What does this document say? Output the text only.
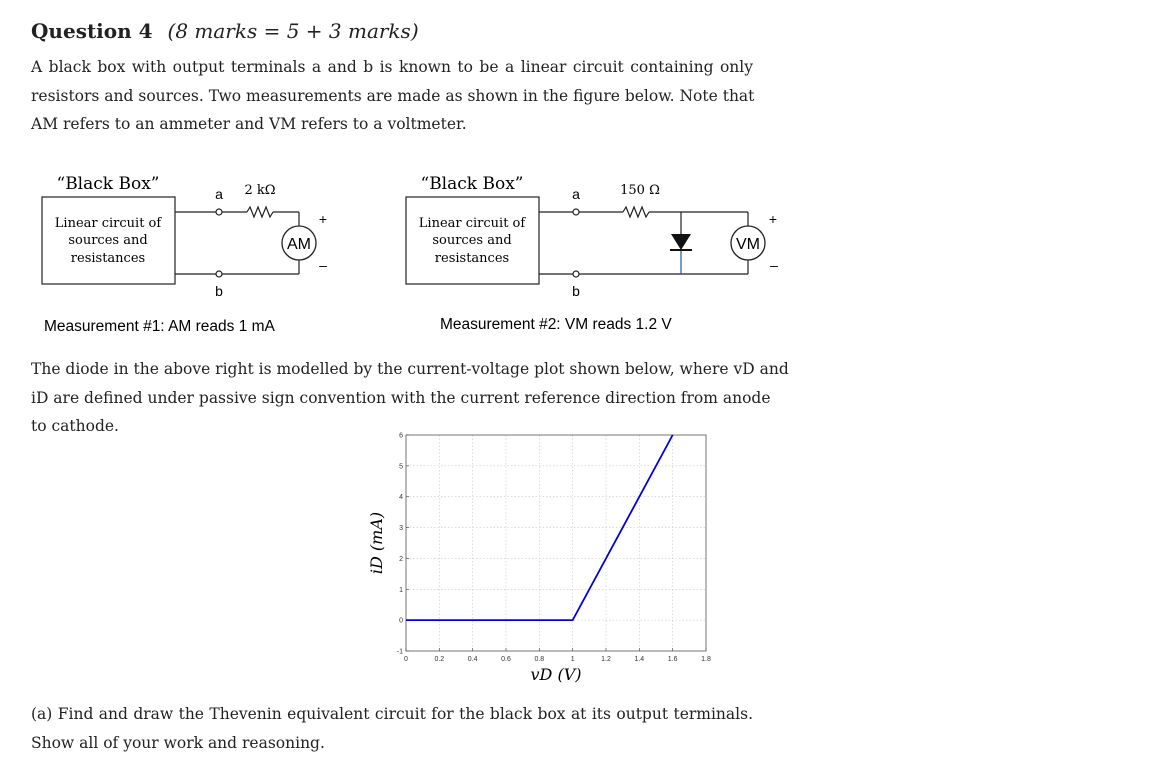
Question 4 (8 marks = 5 + 3 marks)
A black box with output terminals a and b is known to be a linear circuit containing only
resistors and sources. Two measurements are made as shown in the figure below. Note that
AM refers to an ammeter and VM refers to a voltmeter.
“Black Box”
Linear circuit of
sources and
resistances
a
b
2 kΩ
AM
+
–
Measurement #1: AM reads 1 mA
“Black Box”
Linear circuit of
sources and
resistances
a
b
150 Ω
VM
+
–
Measurement #2: VM reads 1.2 V
The diode in the above right is modelled by the current-voltage plot shown below, where vD and
iD are defined under passive sign convention with the current reference direction from anode
to cathode.
0	0.2	0.4	0.6	0.8	1	1.2	1.4	1.6	1.8
-1
0
1
2
3
4
5
6
vD (V)
iD (mA)
(a) Find and draw the Thevenin equivalent circuit for the black box at its output terminals.
Show all of your work and reasoning.
